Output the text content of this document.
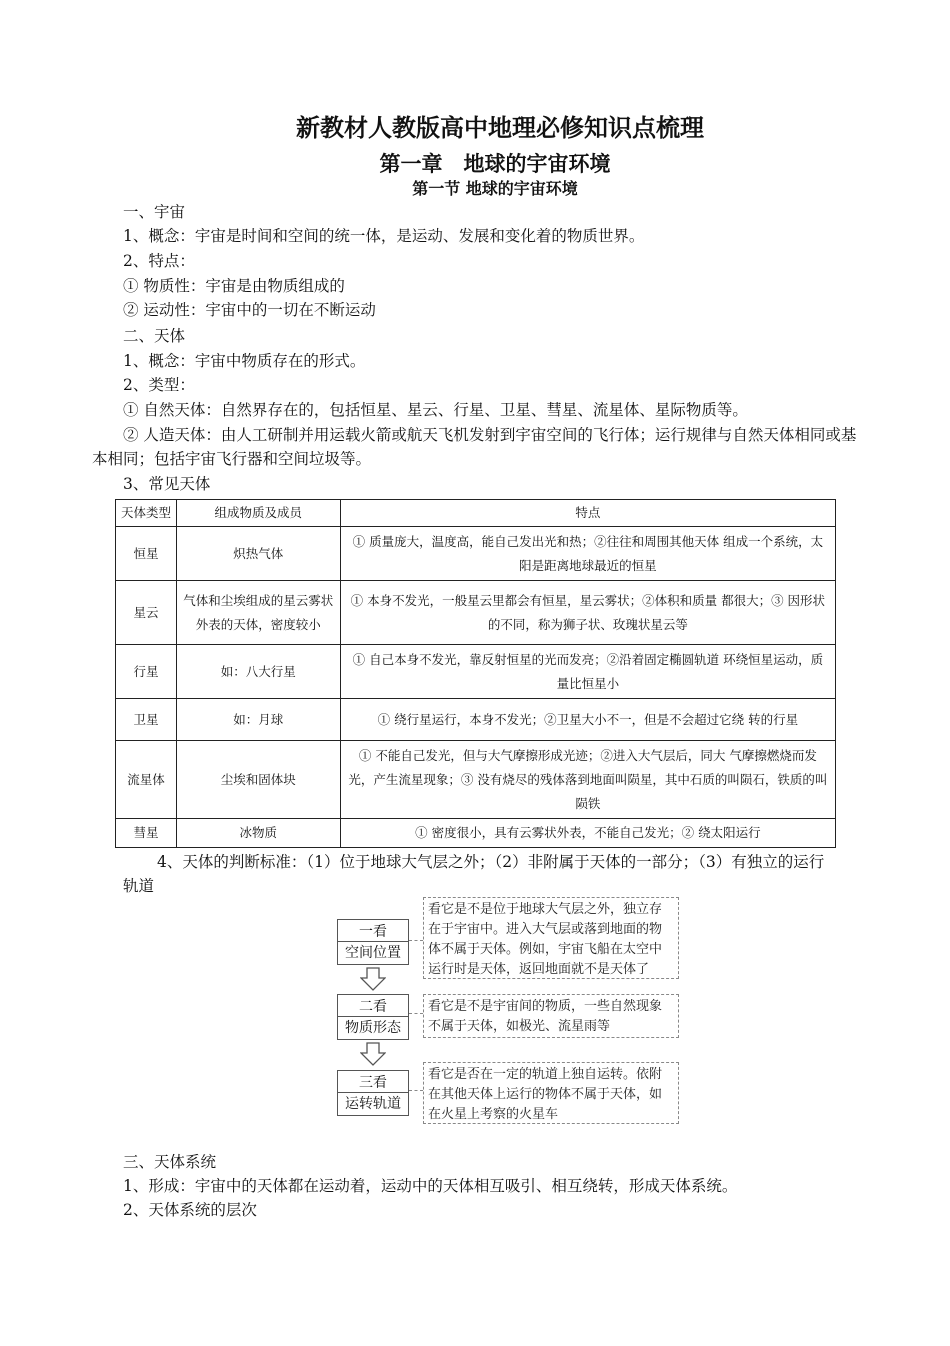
新教材人教版高中地理必修知识点梳理
第一章　地球的宇宙环境
第一节 地球的宇宙环境
一、宇宙
1、概念：宇宙是时间和空间的统一体，是运动、发展和变化着的物质世界。
2、特点：
① 物质性：宇宙是由物质组成的
② 运动性：宇宙中的一切在不断运动
二、天体
1、概念：宇宙中物质存在的形式。
2、类型：
① 自然天体：自然界存在的，包括恒星、星云、行星、卫星、彗星、流星体、星际物质等。
② 人造天体：由人工研制并用运载火箭或航天飞机发射到宇宙空间的飞行体；运行规律与自然天体相同或基本相同；包括宇宙飞行器和空间垃圾等。
3、常见天体
天体类型	组成物质及成员	特点
恒星	炽热气体	① 质量庞大，温度高，能自己发出光和热；②往往和周围其他天体 组成一个系统，太阳是距离地球最近的恒星
星云	气体和尘埃组成的星云雾状外表的天体，密度较小	① 本身不发光，一般星云里都会有恒星，星云雾状；②体积和质量 都很大；③ 因形状的不同，称为狮子状、玫瑰状星云等
行星	如：八大行星	① 自己本身不发光，靠反射恒星的光而发亮；②沿着固定椭圆轨道 环绕恒星运动，质量比恒星小
卫星	如：月球	① 绕行星运行，本身不发光；②卫星大小不一，但是不会超过它绕 转的行星
流星体	尘埃和固体块	① 不能自己发光，但与大气摩擦形成光迹；②进入大气层后，同大 气摩擦燃烧而发光，产生流星现象；③ 没有烧尽的残体落到地面叫陨星，其中石质的叫陨石，铁质的叫陨铁
彗星	冰物质	① 密度很小，具有云雾状外表，不能自己发光；② 绕太阳运行
4、天体的判断标准：（1）位于地球大气层之外；（2）非附属于天体的一部分；（3）有独立的运行轨道
一看
空间位置
看它是不是位于地球大气层之外，独立存在于宇宙中。进入大气层或落到地面的物体不属于天体。例如，宇宙飞船在太空中运行时是天体，返回地面就不是天体了
二看
物质形态
看它是不是宇宙间的物质，一些自然现象不属于天体，如极光、流星雨等
三看
运转轨道
看它是否在一定的轨道上独自运转。依附在其他天体上运行的物体不属于天体，如在火星上考察的火星车
三、天体系统
1、形成：宇宙中的天体都在运动着，运动中的天体相互吸引、相互绕转，形成天体系统。
2、天体系统的层次
